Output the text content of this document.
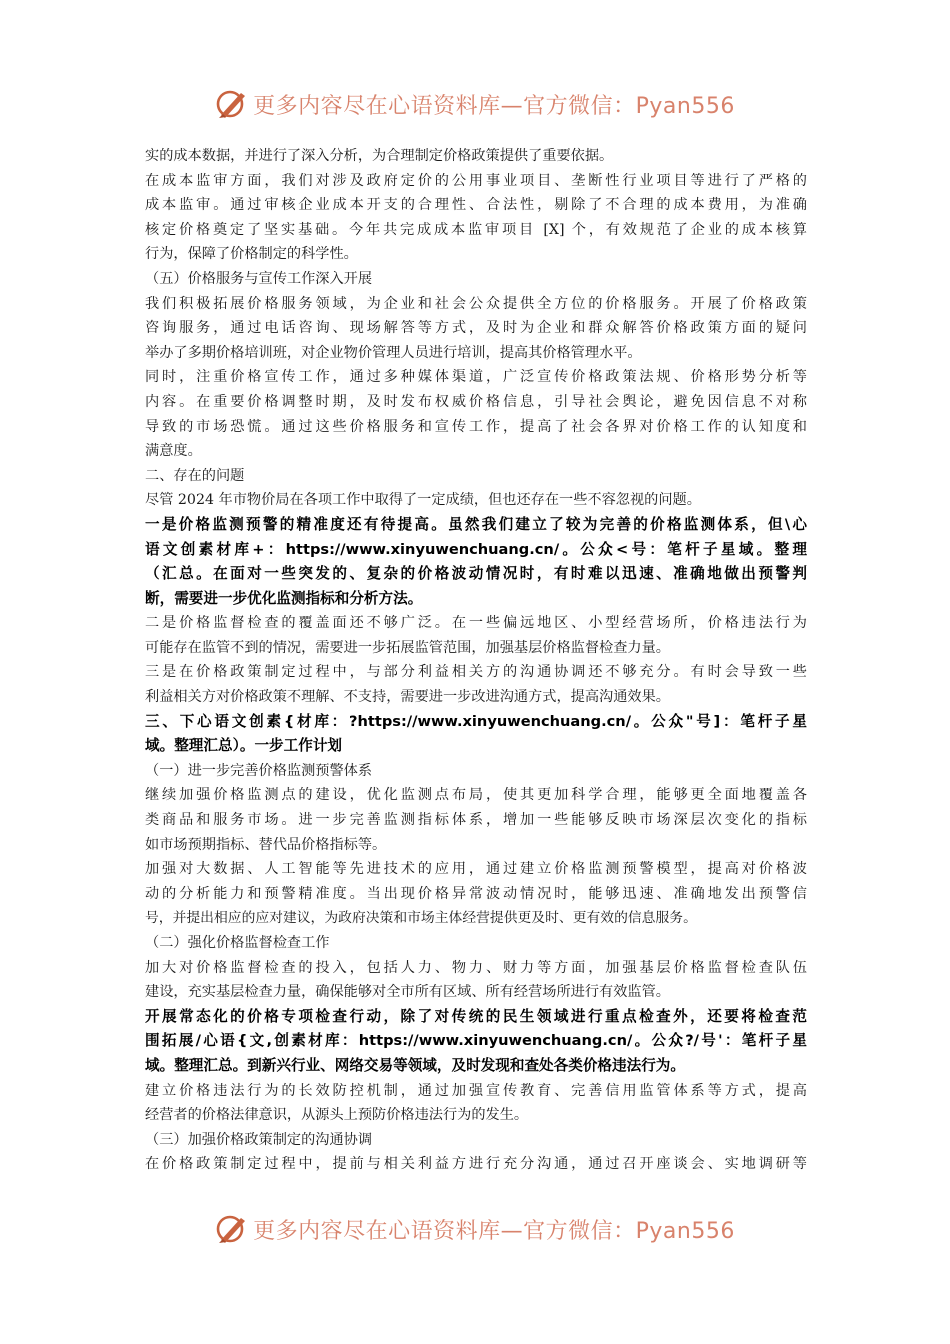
更多内容尽在心语资料库—官方微信：Pyan556
实的成本数据，并进行了深入分析，为合理制定价格政策提供了重要依据。
在成本监审方面，我们对涉及政府定价的公用事业项目、垄断性行业项目等进行了严格的
成本监审。通过审核企业成本开支的合理性、合法性，剔除了不合理的成本费用，为准确
核定价格奠定了坚实基础。今年共完成成本监审项目 [X] 个，有效规范了企业的成本核算
行为，保障了价格制定的科学性。
（五）价格服务与宣传工作深入开展
我们积极拓展价格服务领域，为企业和社会公众提供全方位的价格服务。开展了价格政策
咨询服务，通过电话咨询、现场解答等方式，及时为企业和群众解答价格政策方面的疑问
举办了多期价格培训班，对企业物价管理人员进行培训，提高其价格管理水平。
同时，注重价格宣传工作，通过多种媒体渠道，广泛宣传价格政策法规、价格形势分析等
内容。在重要价格调整时期，及时发布权威价格信息，引导社会舆论，避免因信息不对称
导致的市场恐慌。通过这些价格服务和宣传工作，提高了社会各界对价格工作的认知度和
满意度。
二、存在的问题
尽管 2024 年市物价局在各项工作中取得了一定成绩，但也还存在一些不容忽视的问题。
一是价格监测预警的精准度还有待提高。虽然我们建立了较为完善的价格监测体系，但\心
语文创素材库+：https://www.xinyuwenchuang.cn/。公众<号：笔杆子星域。整理
（汇总。在面对一些突发的、复杂的价格波动情况时，有时难以迅速、准确地做出预警判
断，需要进一步优化监测指标和分析方法。
二是价格监督检查的覆盖面还不够广泛。在一些偏远地区、小型经营场所，价格违法行为
可能存在监管不到的情况，需要进一步拓展监管范围，加强基层价格监督检查力量。
三是在价格政策制定过程中，与部分利益相关方的沟通协调还不够充分。有时会导致一些
利益相关方对价格政策不理解、不支持，需要进一步改进沟通方式，提高沟通效果。
三、下心语文创素{材库：?https://www.xinyuwenchuang.cn/。公众"号]：笔杆子星
域。整理汇总）。一步工作计划
（一）进一步完善价格监测预警体系
继续加强价格监测点的建设，优化监测点布局，使其更加科学合理，能够更全面地覆盖各
类商品和服务市场。进一步完善监测指标体系，增加一些能够反映市场深层次变化的指标
如市场预期指标、替代品价格指标等。
加强对大数据、人工智能等先进技术的应用，通过建立价格监测预警模型，提高对价格波
动的分析能力和预警精准度。当出现价格异常波动情况时，能够迅速、准确地发出预警信
号，并提出相应的应对建议，为政府决策和市场主体经营提供更及时、更有效的信息服务。
（二）强化价格监督检查工作
加大对价格监督检查的投入，包括人力、物力、财力等方面，加强基层价格监督检查队伍
建设，充实基层检查力量，确保能够对全市所有区域、所有经营场所进行有效监管。
开展常态化的价格专项检查行动，除了对传统的民生领域进行重点检查外，还要将检查范
围拓展/心语{文,创素材库：https://www.xinyuwenchuang.cn/。公众?/号'：笔杆子星
域。整理汇总。到新兴行业、网络交易等领域，及时发现和查处各类价格违法行为。
建立价格违法行为的长效防控机制，通过加强宣传教育、完善信用监管体系等方式，提高
经营者的价格法律意识，从源头上预防价格违法行为的发生。
（三）加强价格政策制定的沟通协调
在价格政策制定过程中，提前与相关利益方进行充分沟通，通过召开座谈会、实地调研等
更多内容尽在心语资料库—官方微信：Pyan556
